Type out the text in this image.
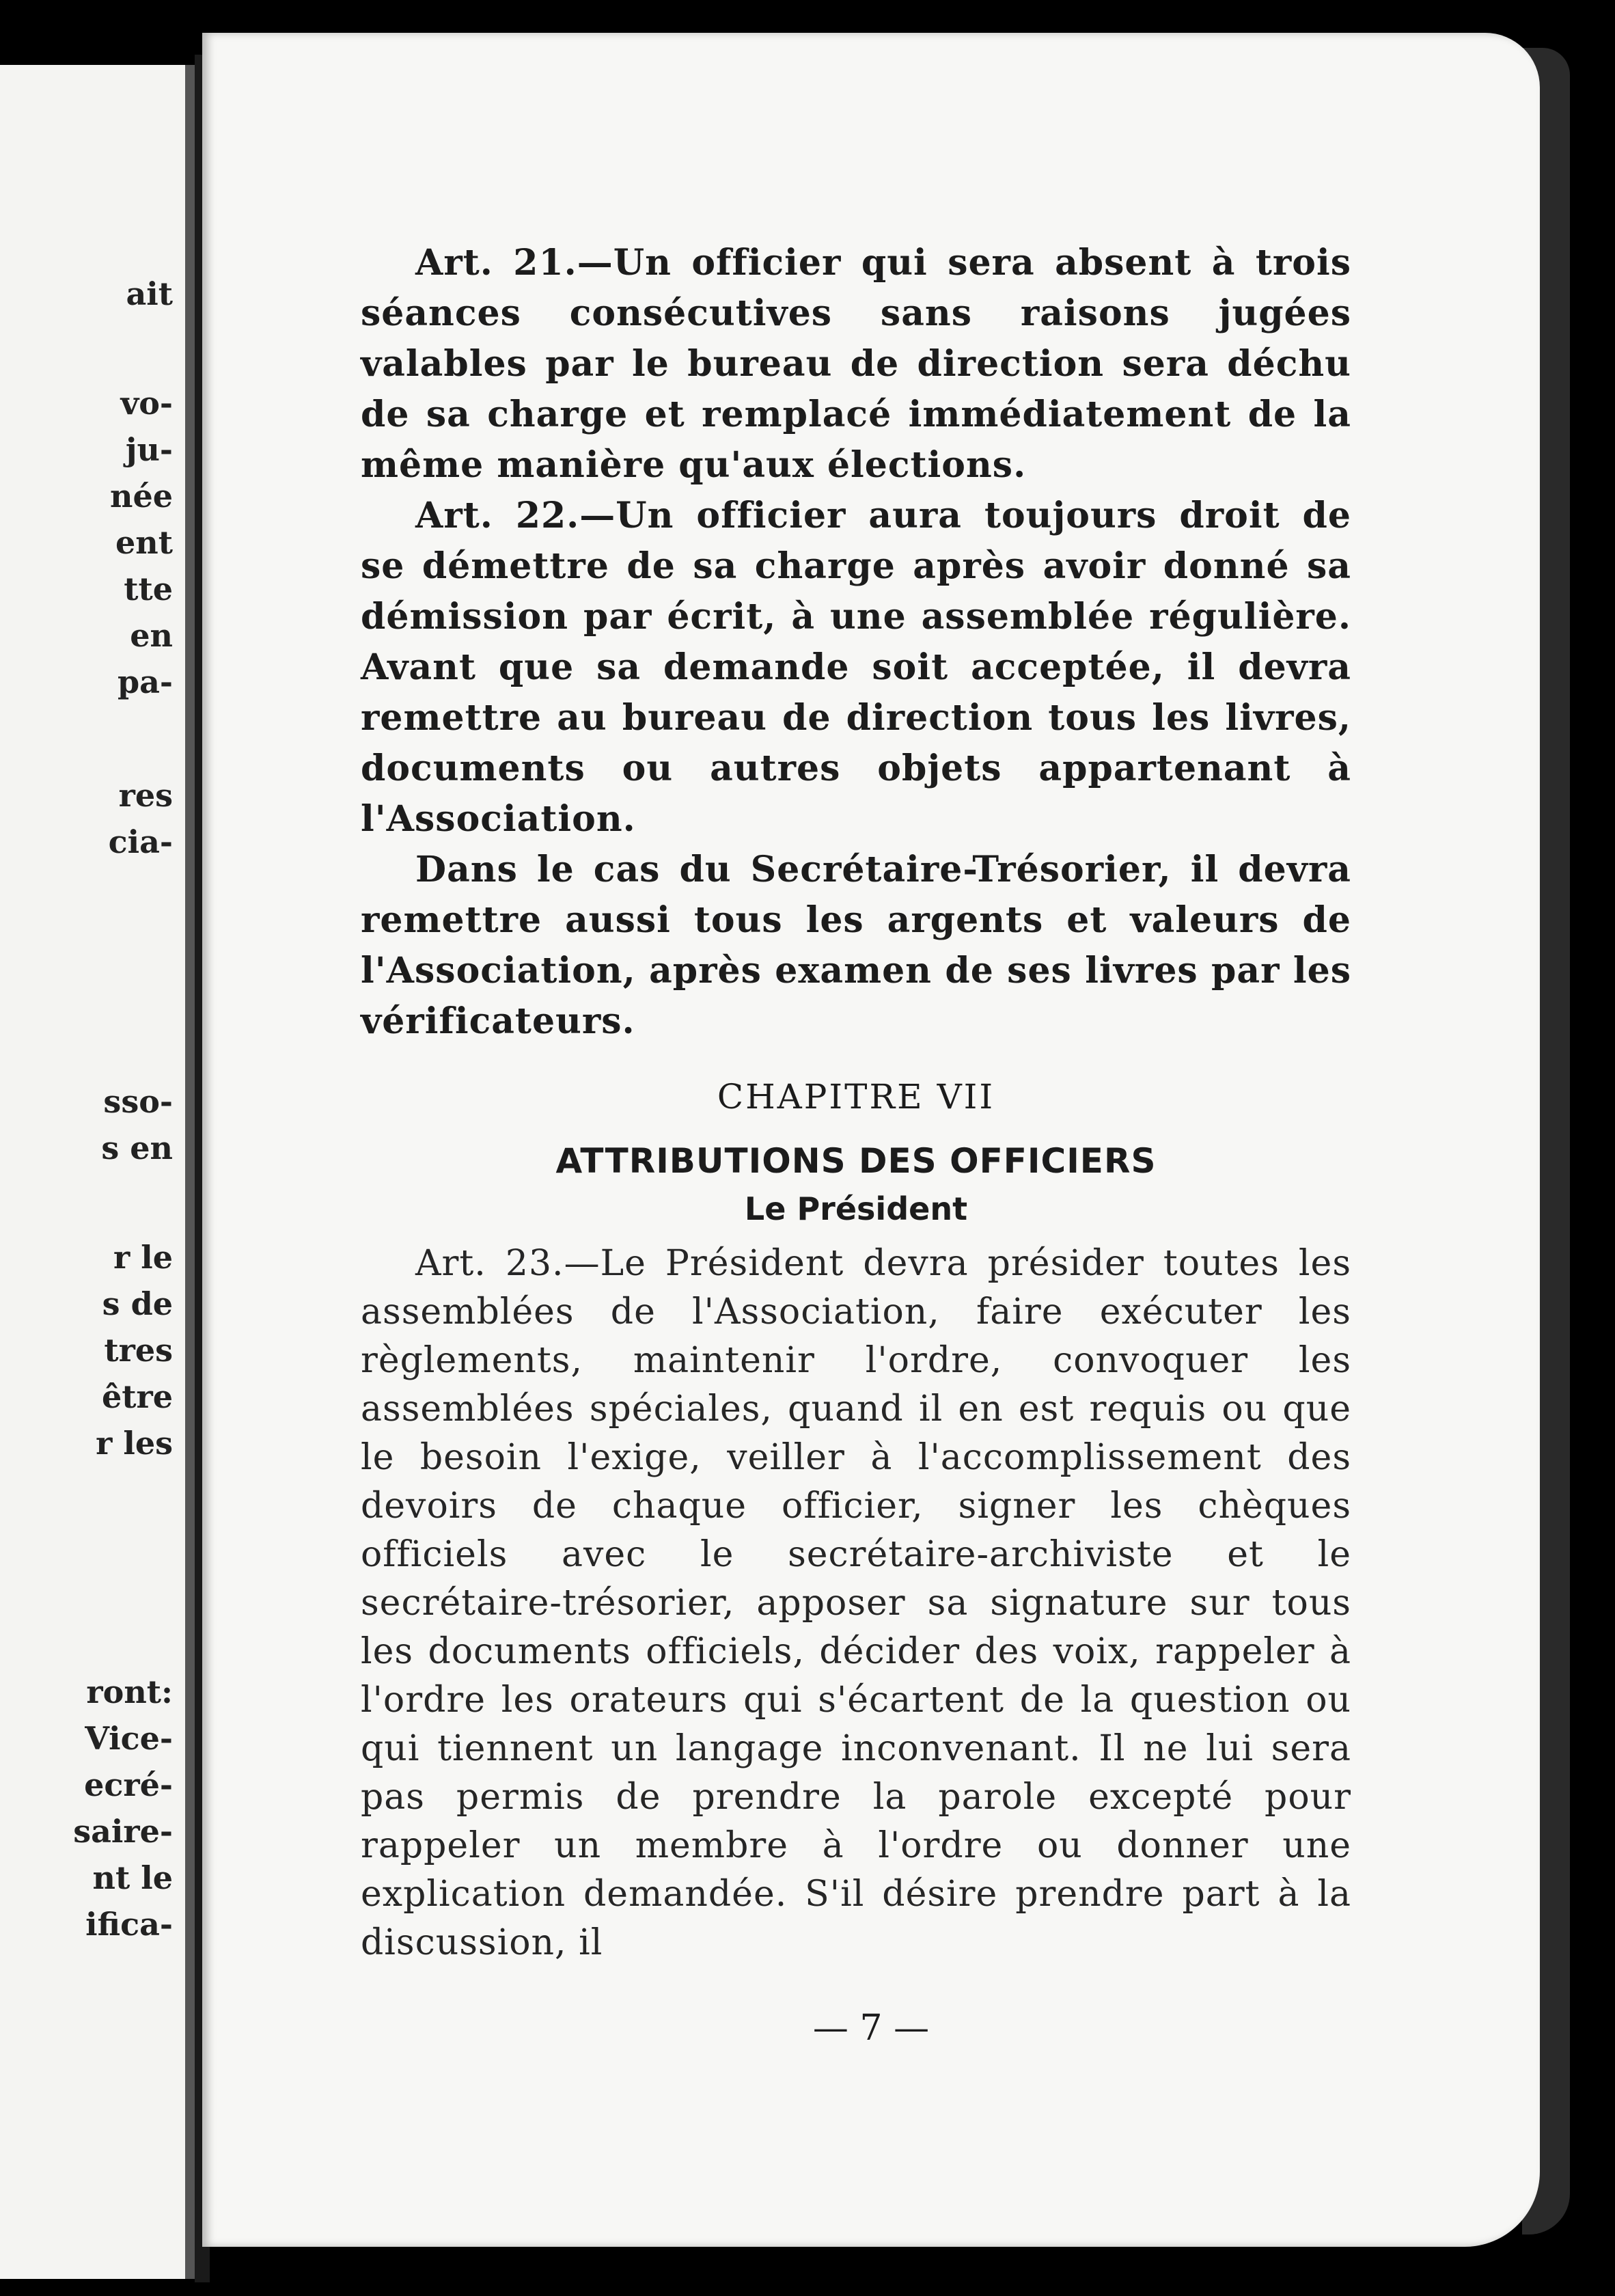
ait
vo-
ju-
née
ent
tte
en
pa-
res
cia-
sso-
s en
r le
s de
tres
être
r les
ront:
Vice-
ecré-
saire-
nt le
ifica-

Art. 21.—Un officier qui sera absent à trois séances consécutives sans raisons jugées valables par le bureau de direction sera déchu de sa charge et remplacé immédiatement de la même manière qu'aux élections.

Art. 22.—Un officier aura toujours droit de se démettre de sa charge après avoir donné sa démission par écrit, à une assemblée régulière. Avant que sa demande soit acceptée, il devra remettre au bureau de direction tous les livres, documents ou autres objets appartenant à l'Association.

Dans le cas du Secrétaire-Trésorier, il devra remettre aussi tous les argents et valeurs de l'Association, après examen de ses livres par les vérificateurs.

CHAPITRE VII
ATTRIBUTIONS DES OFFICIERS
Le Président

Art. 23.—Le Président devra présider toutes les assemblées de l'Association, faire exécuter les règlements, maintenir l'ordre, convoquer les assemblées spéciales, quand il en est requis ou que le besoin l'exige, veiller à l'accomplissement des devoirs de chaque officier, signer les chèques officiels avec le secrétaire-archiviste et le secrétaire-trésorier, apposer sa signature sur tous les documents officiels, décider des voix, rappeler à l'ordre les orateurs qui s'écartent de la question ou qui tiennent un langage inconvenant. Il ne lui sera pas permis de prendre la parole excepté pour rappeler un membre à l'ordre ou donner une explication demandée. S'il désire prendre part à la discussion, il

— 7 —
